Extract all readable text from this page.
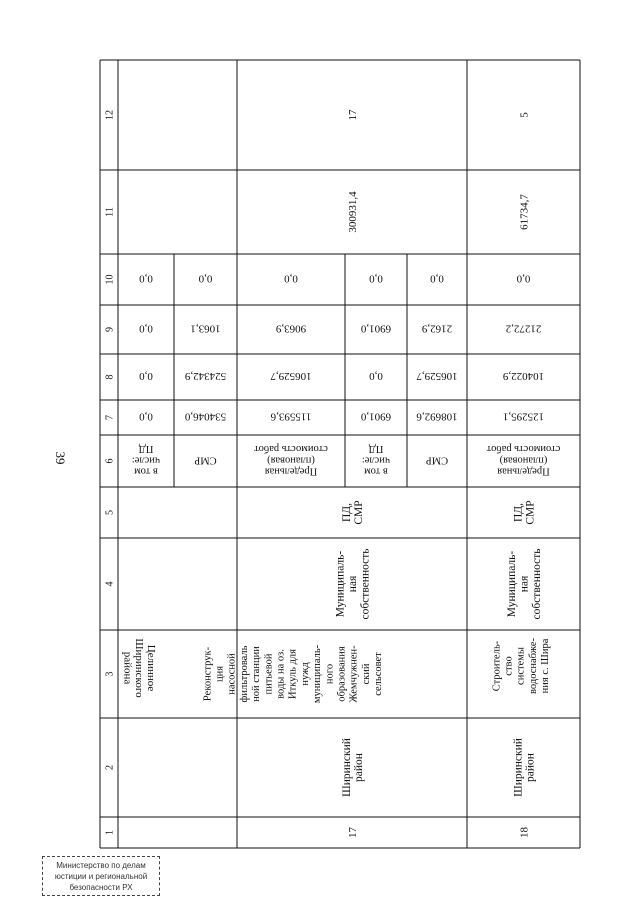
39
1
2
3
4
5
6
7
8
9
10
11
12
ЦелинноеШиринскогорайона
в томчисле:ПД
0,0
0,0
0,0
0,0
СМР
534046,0
524342,9
1063,1
0,0
17
Ширинскийрайон
Реконструк-циянасоснойфильтровальной станциипитьевойводы на оз.Иткуль длянуждмуниципаль-ногообразованияЖемчужнен-скийсельсовет
Муниципаль-наясобственность
ПД,СМР
300931,4
17
Предельная(плановая)стоимость работ
115593,6
106529,7
9063,9
0,0
в томчисле:ПД
6901,0
0,0
6901,0
0,0
СМР
108692,6
106529,7
2162,9
0,0
18
Ширинскийрайон
Строитель-ствосистемыводоснабже-ния с. Шира
Муниципаль-наясобственность
ПД,СМР
61734,7
5
Предельная(плановая)стоимость работ
125295,1
104022,9
21272,2
0,0
Министерство по делам
юстиции и региональной
безопасности РХ
